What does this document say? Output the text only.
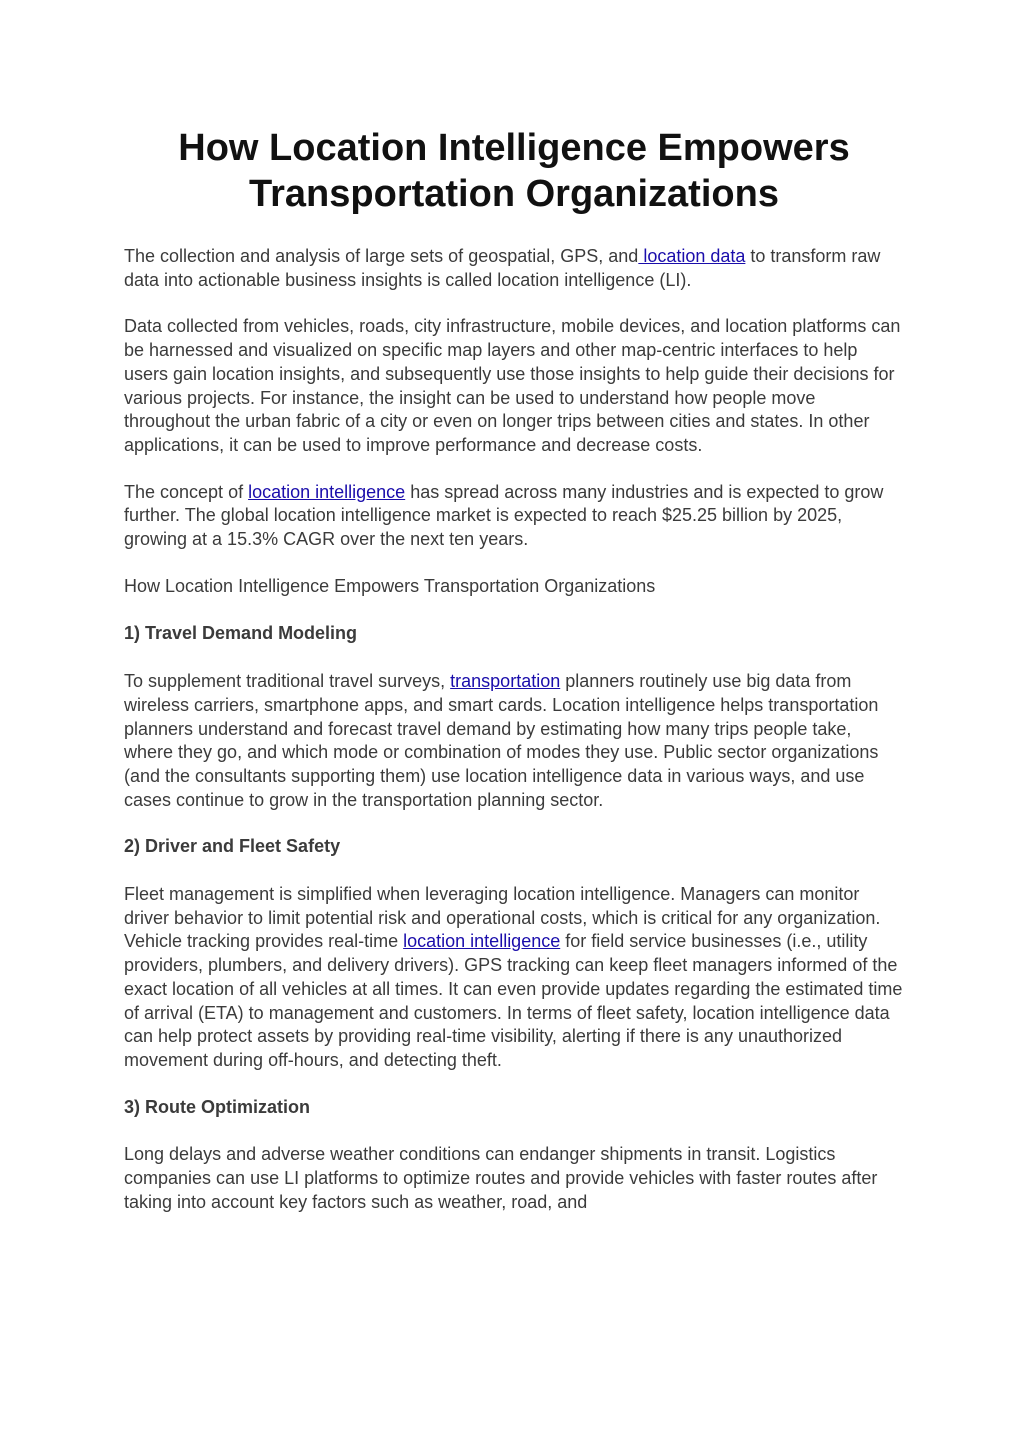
How Location Intelligence Empowers
Transportation Organizations

The collection and analysis of large sets of geospatial, GPS, and location data to transform raw data into actionable business insights is called location intelligence (LI).

Data collected from vehicles, roads, city infrastructure, mobile devices, and location platforms can be harnessed and visualized on specific map layers and other map-centric interfaces to help users gain location insights, and subsequently use those insights to help guide their decisions for various projects. For instance, the insight can be used to understand how people move throughout the urban fabric of a city or even on longer trips between cities and states. In other applications, it can be used to improve performance and decrease costs.

The concept of location intelligence has spread across many industries and is expected to grow further. The global location intelligence market is expected to reach $25.25 billion by 2025, growing at a 15.3% CAGR over the next ten years.

How Location Intelligence Empowers Transportation Organizations

1) Travel Demand Modeling

To supplement traditional travel surveys, transportation planners routinely use big data from wireless carriers, smartphone apps, and smart cards. Location intelligence helps transportation planners understand and forecast travel demand by estimating how many trips people take, where they go, and which mode or combination of modes they use. Public sector organizations (and the consultants supporting them) use location intelligence data in various ways, and use cases continue to grow in the transportation planning sector.

2) Driver and Fleet Safety

Fleet management is simplified when leveraging location intelligence. Managers can monitor driver behavior to limit potential risk and operational costs, which is critical for any organization. Vehicle tracking provides real-time location intelligence for field service businesses (i.e., utility providers, plumbers, and delivery drivers). GPS tracking can keep fleet managers informed of the exact location of all vehicles at all times. It can even provide updates regarding the estimated time of arrival (ETA) to management and customers. In terms of fleet safety, location intelligence data can help protect assets by providing real-time visibility, alerting if there is any unauthorized movement during off-hours, and detecting theft.

3) Route Optimization

Long delays and adverse weather conditions can endanger shipments in transit. Logistics companies can use LI platforms to optimize routes and provide vehicles with faster routes after taking into account key factors such as weather, road, and
